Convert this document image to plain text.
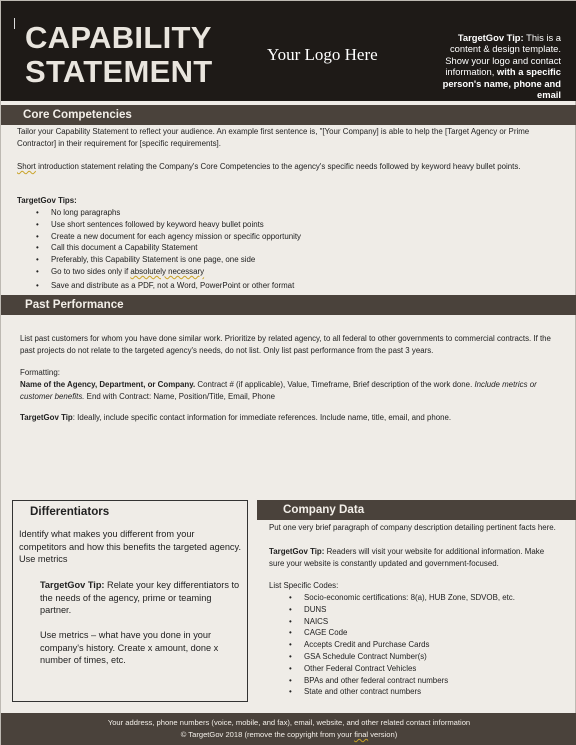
CAPABILITY
STATEMENT	Your Logo Here
TargetGov Tip: This is a content & design template. Show your logo and contact information, with a specific person's name, phone and email
Core Competencies
Tailor your Capability Statement to reflect your audience. An example first sentence is, "[Your Company] is able to help the [Target Agency or Prime Contractor] in their requirement for [specific requirements].
Short introduction statement relating the Company's Core Competencies to the agency's specific needs followed by keyword heavy bullet points.
TargetGov Tips:
• No long paragraphs
• Use short sentences followed by keyword heavy bullet points
• Create a new document for each agency mission or specific opportunity
• Call this document a Capability Statement
• Preferably, this Capability Statement is one page, one side
• Go to two sides only if absolutely necessary
• Save and distribute as a PDF, not a Word, PowerPoint or other format
Past Performance
List past customers for whom you have done similar work. Prioritize by related agency, to all federal to other governments to commercial contracts. If the past projects do not relate to the targeted agency's needs, do not list. Only list past performance from the past 3 years.
Formatting:
Name of the Agency, Department, or Company. Contract # (if applicable), Value, Timeframe, Brief description of the work done. Include metrics or customer benefits. End with Contract: Name, Position/Title, Email, Phone
TargetGov Tip: Ideally, include specific contact information for immediate references. Include name, title, email, and phone.
Differentiators
Identify what makes you different from your competitors and how this benefits the targeted agency. Use metrics
TargetGov Tip: Relate your key differentiators to the needs of the agency, prime or teaming partner.
Use metrics – what have you done in your company's history. Create x amount, done x number of times, etc.
Company Data
Put one very brief paragraph of company description detailing pertinent facts here.
TargetGov Tip: Readers will visit your website for additional information. Make sure your website is constantly updated and government-focused.
List Specific Codes:
• Socio-economic certifications: 8(a), HUB Zone, SDVOB, etc.
• DUNS
• NAICS
• CAGE Code
• Accepts Credit and Purchase Cards
• GSA Schedule Contract Number(s)
• Other Federal Contract Vehicles
• BPAs and other federal contract numbers
• State and other contract numbers
Your address, phone numbers (voice, mobile, and fax), email, website, and other related contact information
© TargetGov 2018 (remove the copyright from your final version)
